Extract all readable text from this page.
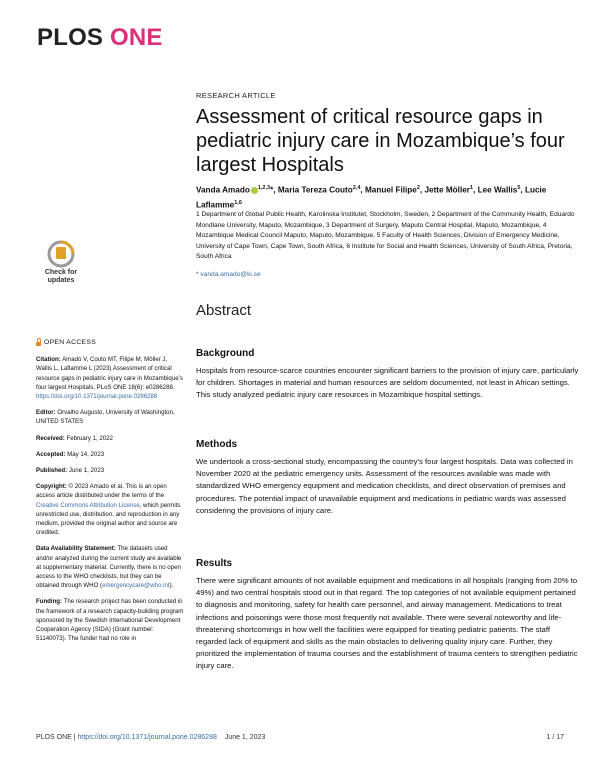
PLOS ONE
RESEARCH ARTICLE
Assessment of critical resource gaps in pediatric injury care in Mozambique’s four largest Hospitals
Vanda Amado $^{1,2,3}$*, Maria Tereza Couto$^{2,4}$, Manuel Filipe$^2$, Jette Möller$^1$, Lee Wallis$^5$, Lucie Laflamme$^{1,6}$
1 Department of Global Public Health, Karolinska Institutet, Stockholm, Sweden, 2 Department of the Community Health, Eduardo Mondlane University, Maputo, Mozambique, 3 Department of Surgery, Maputo Central Hospital, Maputo, Mozambique, 4 Mozambique Medical Council Maputo, Maputo, Mozambique, 5 Faculty of Health Sciences, Division of Emergency Medicine, University of Cape Town, Cape Town, South Africa, 6 Institute for Social and Health Sciences, University of South Africa, Pretoria, South Africa
* vanda.amado@ki.se
Check for
updates
OPEN ACCESS

Citation: Amado V, Couto MT, Filipe M, Möller J, Wallis L, Laflamme L (2023) Assessment of critical resource gaps in pediatric injury care in Mozambique’s four largest Hospitals. PLoS ONE 18(6): e0286288. https://doi.org/10.1371/journal.pone.0286288

Editor: Orvalho Augusto, University of Washington, UNITED STATES

Received: February 1, 2022

Accepted: May 14, 2023

Published: June 1, 2023

Copyright: © 2023 Amado et al. This is an open access article distributed under the terms of the Creative Commons Attribution License, which permits unrestricted use, distribution, and reproduction in any medium, provided the original author and source are credited.

Data Availability Statement: The datasets used and/or analyzed during the current study are available at supplementary material. Currently, there is no open access to the WHO checklists, but they can be obtained through WHO (emergencycare@who.int).

Funding: The research project has been conducted in the framework of a research capacity-building program sponsored by the Swedish International Development Cooperation Agency (SIDA) (Grant number: 51140073). The funder had no role in

Abstract
Background
Hospitals from resource-scarce countries encounter significant barriers to the provision of injury care, particularly for children. Shortages in material and human resources are seldom documented, not least in African settings. This study analyzed pediatric injury care resources in Mozambique hospital settings.
Methods
We undertook a cross-sectional study, encompassing the country’s four largest hospitals. Data was collected in November 2020 at the pediatric emergency units. Assessment of the resources available was made with standardized WHO emergency equipment and medication checklists, and direct observation of premises and procedures. The potential impact of unavailable equipment and medications in pediatric wards was assessed considering the provisions of injury care.
Results
There were significant amounts of not available equipment and medications in all hospitals (ranging from 20% to 49%) and two central hospitals stood out in that regard. The top categories of not available equipment pertained to diagnosis and monitoring, safety for health care personnel, and airway management. Medications to treat infections and poisonings were those most frequently not available. There were several noteworthy and life-threatening shortcomings in how well the facilities were equipped for treating pediatric patients. The staff regarded lack of equipment and skills as the main obstacles to delivering quality injury care. Further, they prioritized the implementation of trauma courses and the establishment of trauma centers to strengthen pediatric injury care.
PLOS ONE | https://doi.org/10.1371/journal.pone.0286288 June 1, 2023	1 / 17
